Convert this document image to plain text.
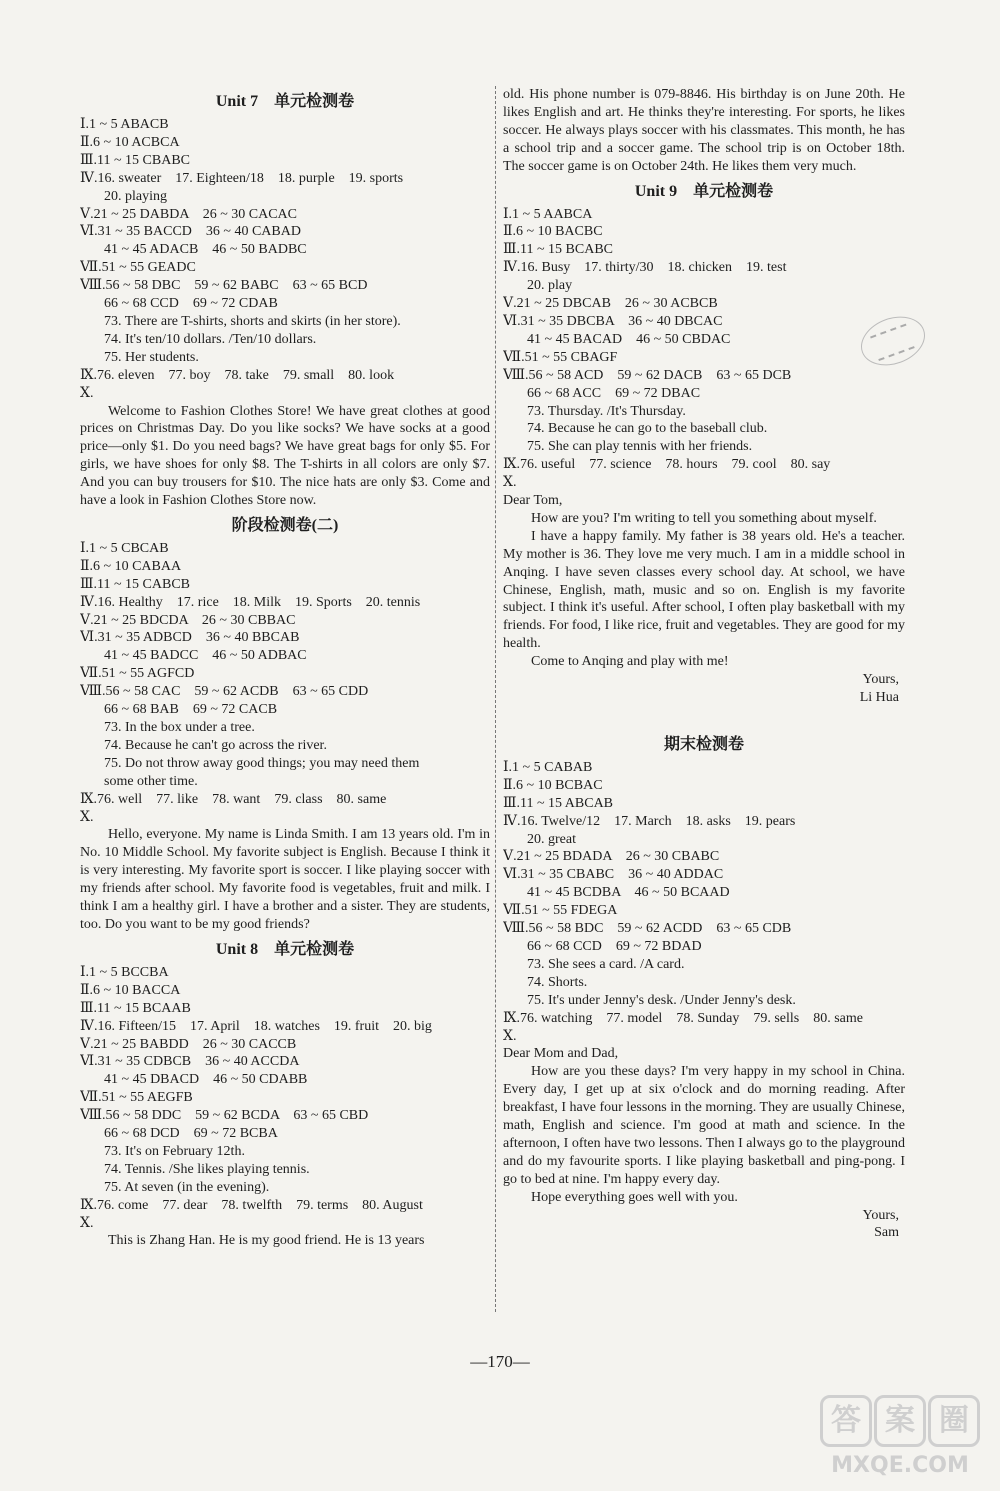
Unit 7　单元检测卷
Ⅰ.1 ~ 5 ABACB
Ⅱ.6 ~ 10 ACBCA
Ⅲ.11 ~ 15 CBABC
Ⅳ.16. sweater　17. Eighteen/18　18. purple　19. sports
20. playing
Ⅴ.21 ~ 25 DABDA　26 ~ 30 CACAC
Ⅵ.31 ~ 35 BACCD　36 ~ 40 CABAD
41 ~ 45 ADACB　46 ~ 50 BADBC
Ⅶ.51 ~ 55 GEADC
Ⅷ.56 ~ 58 DBC　59 ~ 62 BABC　63 ~ 65 BCD
66 ~ 68 CCD　69 ~ 72 CDAB
73. There are T-shirts, shorts and skirts (in her store).
74. It's ten/10 dollars. /Ten/10 dollars.
75. Her students.
Ⅸ.76. eleven　77. boy　78. take　79. small　80. look
Ⅹ.

Welcome to Fashion Clothes Store! We have great clothes at good prices on Christmas Day. Do you like socks? We have socks at a good price—only $1. Do you need bags? We have great bags for only $5. For girls, we have shoes for only $8. The T-shirts in all colors are only $7. And you can buy trousers for $10. The nice hats are only $3. Come and have a look in Fashion Clothes Store now.

阶段检测卷(二)
Ⅰ.1 ~ 5 CBCAB
Ⅱ.6 ~ 10 CABAA
Ⅲ.11 ~ 15 CABCB
Ⅳ.16. Healthy　17. rice　18. Milk　19. Sports　20. tennis
Ⅴ.21 ~ 25 BDCDA　26 ~ 30 CBBAC
Ⅵ.31 ~ 35 ADBCD　36 ~ 40 BBCAB
41 ~ 45 BADCC　46 ~ 50 ADBAC
Ⅶ.51 ~ 55 AGFCD
Ⅷ.56 ~ 58 CAC　59 ~ 62 ACDB　63 ~ 65 CDD
66 ~ 68 BAB　69 ~ 72 CACB
73. In the box under a tree.
74. Because he can't go across the river.
75. Do not throw away good things; you may need them
some other time.
Ⅸ.76. well　77. like　78. want　79. class　80. same
Ⅹ.

Hello, everyone. My name is Linda Smith. I am 13 years old. I'm in No. 10 Middle School. My favorite subject is English. Because I think it is very interesting. My favorite sport is soccer. I like playing soccer with my friends after school. My favorite food is vegetables, fruit and milk. I think I am a healthy girl. I have a brother and a sister. They are students, too. Do you want to be my good friends?

Unit 8　单元检测卷
Ⅰ.1 ~ 5 BCCBA
Ⅱ.6 ~ 10 BACCA
Ⅲ.11 ~ 15 BCAAB
Ⅳ.16. Fifteen/15　17. April　18. watches　19. fruit　20. big
Ⅴ.21 ~ 25 BABDD　26 ~ 30 CACCB
Ⅵ.31 ~ 35 CDBCB　36 ~ 40 ACCDA
41 ~ 45 DBACD　46 ~ 50 CDABB
Ⅶ.51 ~ 55 AEGFB
Ⅷ.56 ~ 58 DDC　59 ~ 62 BCDA　63 ~ 65 CBD
66 ~ 68 DCD　69 ~ 72 BCBA
73. It's on February 12th.
74. Tennis. /She likes playing tennis.
75. At seven (in the evening).
Ⅸ.76. come　77. dear　78. twelfth　79. terms　80. August
Ⅹ.

This is Zhang Han. He is my good friend. He is 13 years

old. His phone number is 079-8846. His birthday is on June 20th. He likes English and art. He thinks they're interesting. For sports, he likes soccer. He always plays soccer with his classmates. This month, he has a school trip and a soccer game. The school trip is on October 18th. The soccer game is on October 24th. He likes them very much.

Unit 9　单元检测卷
Ⅰ.1 ~ 5 AABCA
Ⅱ.6 ~ 10 BACBC
Ⅲ.11 ~ 15 BCABC
Ⅳ.16. Busy　17. thirty/30　18. chicken　19. test
20. play
Ⅴ.21 ~ 25 DBCAB　26 ~ 30 ACBCB
Ⅵ.31 ~ 35 DBCBA　36 ~ 40 DBCAC
41 ~ 45 BACAD　46 ~ 50 CBDAC
Ⅶ.51 ~ 55 CBAGF
Ⅷ.56 ~ 58 ACD　59 ~ 62 DACB　63 ~ 65 DCB
66 ~ 68 ACC　69 ~ 72 DBAC
73. Thursday. /It's Thursday.
74. Because he can go to the baseball club.
75. She can play tennis with her friends.
Ⅸ.76. useful　77. science　78. hours　79. cool　80. say
Ⅹ.

Dear Tom,

How are you? I'm writing to tell you something about myself.

I have a happy family. My father is 38 years old. He's a teacher. My mother is 36. They love me very much. I am in a middle school in Anqing. I have seven classes every school day. At school, we have Chinese, English, math, music and so on. English is my favorite subject. I think it's useful. After school, I often play basketball with my friends. For food, I like rice, fruit and vegetables. They are good for my health.

Come to Anqing and play with me!

Yours,

Li Hua

期末检测卷
Ⅰ.1 ~ 5 CABAB
Ⅱ.6 ~ 10 BCBAC
Ⅲ.11 ~ 15 ABCAB
Ⅳ.16. Twelve/12　17. March　18. asks　19. pears
20. great
Ⅴ.21 ~ 25 BDADA　26 ~ 30 CBABC
Ⅵ.31 ~ 35 CBABC　36 ~ 40 ADDAC
41 ~ 45 BCDBA　46 ~ 50 BCAAD
Ⅶ.51 ~ 55 FDEGA
Ⅷ.56 ~ 58 BDC　59 ~ 62 ACDD　63 ~ 65 CDB
66 ~ 68 CCD　69 ~ 72 BDAD
73. She sees a card. /A card.
74. Shorts.
75. It's under Jenny's desk. /Under Jenny's desk.
Ⅸ.76. watching　77. model　78. Sunday　79. sells　80. same
Ⅹ.

Dear Mom and Dad,

How are you these days? I'm very happy in my school in China. Every day, I get up at six o'clock and do morning reading. After breakfast, I have four lessons in the morning. They are usually Chinese, math, English and science. I'm good at math and science. In the afternoon, I often have two lessons. Then I always go to the playground and do my favourite sports. I like playing basketball and ping-pong. I go to bed at nine. I'm happy every day.

Hope everything goes well with you.

Yours,

Sam

—170—
答 案 圈
MXQE.COM
